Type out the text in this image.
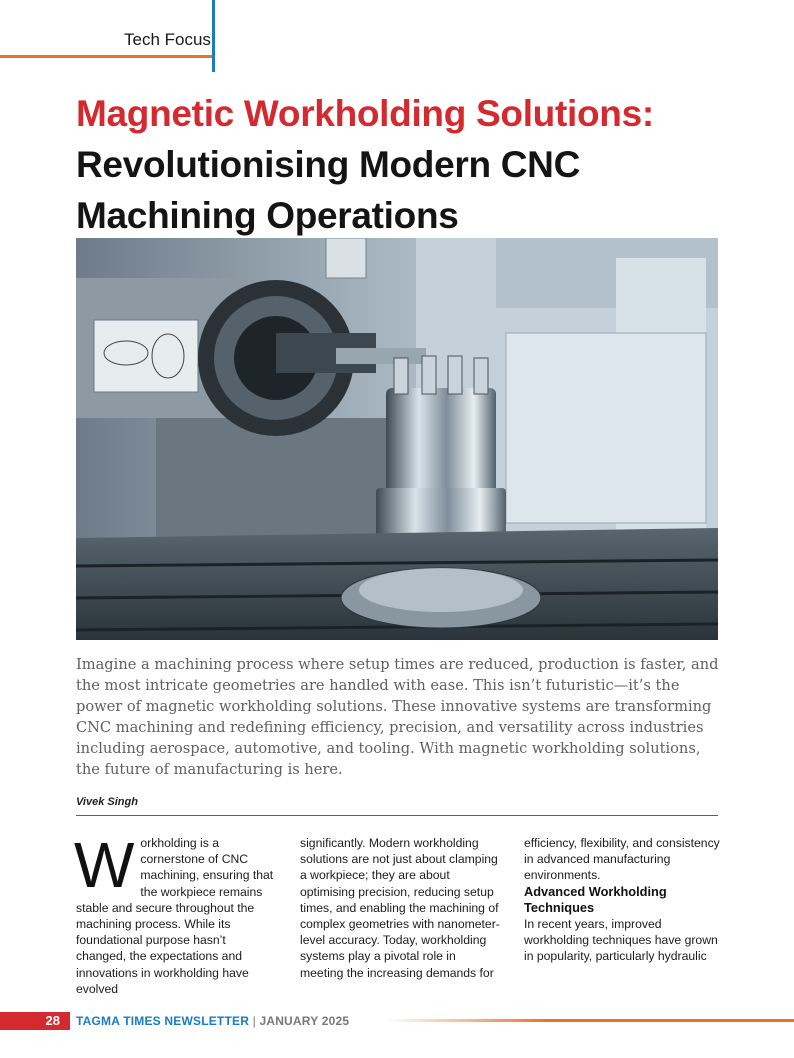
Tech Focus
Magnetic Workholding Solutions:
Revolutionising Modern CNC
Machining Operations

Imagine a machining process where setup times are reduced, production is faster, and the most intricate geometries are handled with ease. This isn’t futuristic—it’s the power of magnetic workholding solutions. These innovative systems are transforming CNC machining and redefining efficiency, precision, and versatility across industries including aerospace, automotive, and tooling. With magnetic workholding solutions, the future of manufacturing is here.

Vivek Singh
W orkholding is a cornerstone of CNC machining, ensuring that the workpiece remains stable and secure throughout the machining process. While its foundational purpose hasn’t changed, the expectations and innovations in workholding have evolved

significantly. Modern workholding solutions are not just about clamping a workpiece; they are about optimising precision, reducing setup times, and enabling the machining of complex geometries with nanometer-level accuracy. Today, workholding systems play a pivotal role in meeting the increasing demands for

efficiency, flexibility, and consistency in advanced manufacturing environments.

Advanced Workholding Techniques

In recent years, improved workholding techniques have grown in popularity, particularly hydraulic

28	TAGMA TIMES NEWSLETTER | JANUARY 2025
